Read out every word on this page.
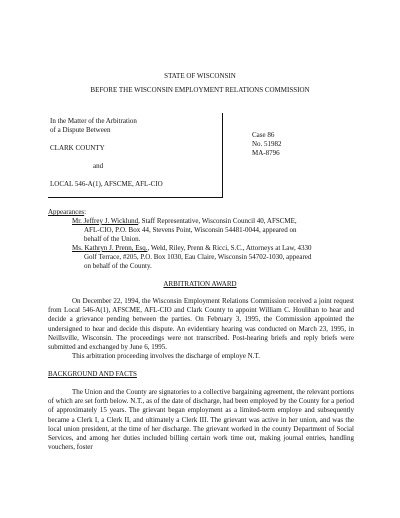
STATE OF WISCONSIN
BEFORE THE WISCONSIN EMPLOYMENT RELATIONS COMMISSION
In the Matter of the Arbitration
of a Dispute Between
CLARK COUNTY
and
LOCAL 546-A(1), AFSCME, AFL-CIO
Case 86
No. 51982
MA-8796
Appearances:
Mr. Jeffrey J. Wicklund, Staff Representative, Wisconsin Council 40, AFSCME,
AFL-CIO, P.O. Box 44, Stevens Point, Wisconsin 54481-0044, appeared on
behalf of the Union.
Ms. Kathryn J. Prenn, Esq., Weld, Riley, Prenn & Ricci, S.C., Attorneys at Law, 4330
Golf Terrace, #205, P.O. Box 1030, Eau Claire, Wisconsin 54702-1030, appeared
on behalf of the County.
ARBITRATION AWARD
On December 22, 1994, the Wisconsin Employment Relations Commission received a joint request from Local 546-A(1), AFSCME, AFL-CIO and Clark County to appoint William C. Houlihan to hear and decide a grievance pending between the parties. On February 3, 1995, the Commission appointed the undersigned to hear and decide this dispute. An evidentiary hearing was conducted on March 23, 1995, in Neillsville, Wisconsin. The proceedings were not transcribed. Post-hearing briefs and reply briefs were submitted and exchanged by June 6, 1995.
This arbitration proceeding involves the discharge of employe N.T.
BACKGROUND AND FACTS
The Union and the County are signatories to a collective bargaining agreement, the relevant portions of which are set forth below. N.T., as of the date of discharge, had been employed by the County for a period of approximately 15 years. The grievant began employment as a limited-term employe and subsequently became a Clerk I, a Clerk II, and ultimately a Clerk III. The grievant was active in her union, and was the local union president, at the time of her discharge. The grievant worked in the county Department of Social Services, and among her duties included billing certain work time out, making journal entries, handling vouchers, foster
